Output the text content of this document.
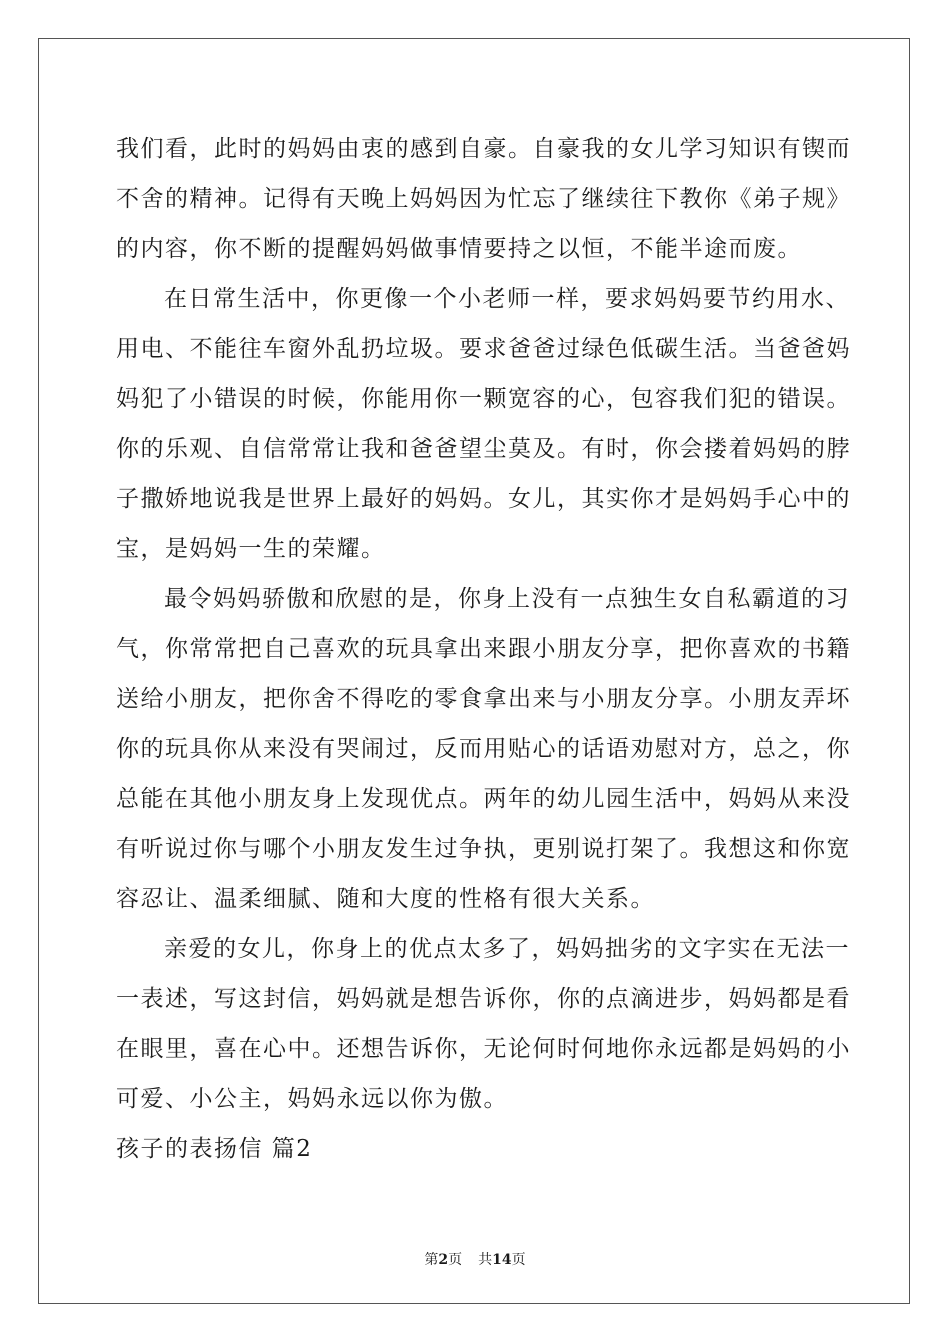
我们看，此时的妈妈由衷的感到自豪。自豪我的女儿学习知识有锲而
不舍的精神。记得有天晚上妈妈因为忙忘了继续往下教你《弟子规》
的内容，你不断的提醒妈妈做事情要持之以恒，不能半途而废。
在日常生活中，你更像一个小老师一样，要求妈妈要节约用水、
用电、不能往车窗外乱扔垃圾。要求爸爸过绿色低碳生活。当爸爸妈
妈犯了小错误的时候，你能用你一颗宽容的心，包容我们犯的错误。
你的乐观、自信常常让我和爸爸望尘莫及。有时，你会搂着妈妈的脖
子撒娇地说我是世界上最好的妈妈。女儿，其实你才是妈妈手心中的
宝，是妈妈一生的荣耀。
最令妈妈骄傲和欣慰的是，你身上没有一点独生女自私霸道的习
气，你常常把自己喜欢的玩具拿出来跟小朋友分享，把你喜欢的书籍
送给小朋友，把你舍不得吃的零食拿出来与小朋友分享。小朋友弄坏
你的玩具你从来没有哭闹过，反而用贴心的话语劝慰对方，总之，你
总能在其他小朋友身上发现优点。两年的幼儿园生活中，妈妈从来没
有听说过你与哪个小朋友发生过争执，更别说打架了。我想这和你宽
容忍让、温柔细腻、随和大度的性格有很大关系。
亲爱的女儿，你身上的优点太多了，妈妈拙劣的文字实在无法一
一表述，写这封信，妈妈就是想告诉你，你的点滴进步，妈妈都是看
在眼里，喜在心中。还想告诉你，无论何时何地你永远都是妈妈的小
可爱、小公主，妈妈永远以你为傲。
孩子的表扬信 篇2
第2页 共14页
